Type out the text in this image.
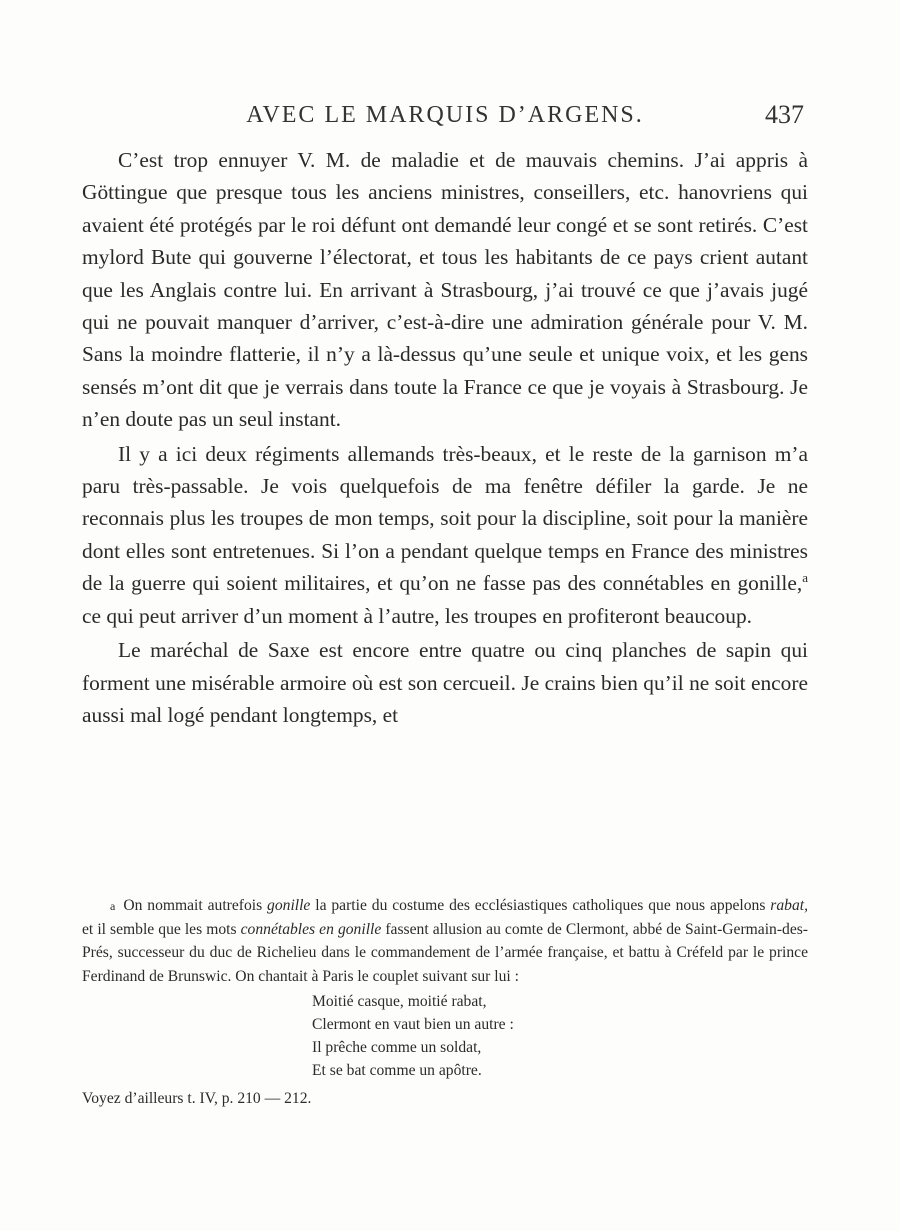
AVEC LE MARQUIS D’ARGENS.	437

C’est trop ennuyer V. M. de maladie et de mauvais chemins. J’ai appris à Göttingue que presque tous les anciens ministres, conseillers, etc. hanovriens qui avaient été protégés par le roi défunt ont demandé leur congé et se sont retirés. C’est mylord Bute qui gouverne l’électorat, et tous les habitants de ce pays crient autant que les Anglais contre lui. En arrivant à Strasbourg, j’ai trouvé ce que j’avais jugé qui ne pouvait manquer d’arriver, c’est-à-dire une admiration générale pour V. M. Sans la moindre flatterie, il n’y a là-dessus qu’une seule et unique voix, et les gens sensés m’ont dit que je verrais dans toute la France ce que je voyais à Strasbourg. Je n’en doute pas un seul instant.

Il y a ici deux régiments allemands très-beaux, et le reste de la garnison m’a paru très-passable. Je vois quelquefois de ma fenêtre défiler la garde. Je ne reconnais plus les troupes de mon temps, soit pour la discipline, soit pour la manière dont elles sont entretenues. Si l’on a pendant quelque temps en France des ministres de la guerre qui soient militaires, et qu’on ne fasse pas des connétables en gonille,$^a$ ce qui peut arriver d’un moment à l’autre, les troupes en profiteront beaucoup.

Le maréchal de Saxe est encore entre quatre ou cinq planches de sapin qui forment une misérable armoire où est son cercueil. Je crains bien qu’il ne soit encore aussi mal logé pendant longtemps, et

a On nommait autrefois gonille la partie du costume des ecclésiastiques catholiques que nous appelons rabat, et il semble que les mots connétables en gonille fassent allusion au comte de Clermont, abbé de Saint-Germain-des-Prés, successeur du duc de Richelieu dans le commandement de l’armée française, et battu à Créfeld par le prince Ferdinand de Brunswic. On chantait à Paris le couplet suivant sur lui :

Moitié casque, moitié rabat,
Clermont en vaut bien un autre :
Il prêche comme un soldat,
Et se bat comme un apôtre.

Voyez d’ailleurs t. IV, p. 210 — 212.
